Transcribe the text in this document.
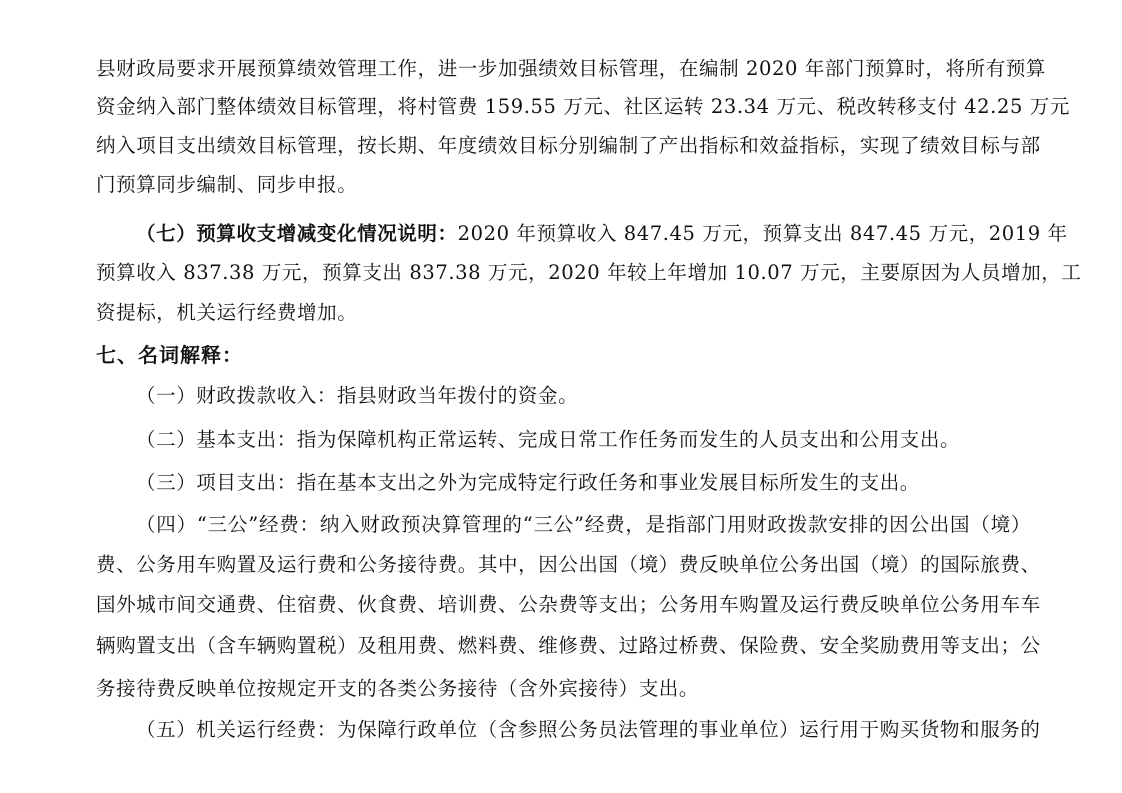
县财政局要求开展预算绩效管理工作，进一步加强绩效目标管理，在编制 2020 年部门预算时，将所有预算
资金纳入部门整体绩效目标管理，将村管费 159.55 万元、社区运转 23.34 万元、税改转移支付 42.25 万元
纳入项目支出绩效目标管理，按长期、年度绩效目标分别编制了产出指标和效益指标，实现了绩效目标与部
门预算同步编制、同步申报。
（七）预算收支增减变化情况说明：2020 年预算收入 847.45 万元，预算支出 847.45 万元，2019 年
预算收入 837.38 万元，预算支出 837.38 万元，2020 年较上年增加 10.07 万元，主要原因为人员增加，工
资提标，机关运行经费增加。
七、名词解释：
（一）财政拨款收入：指县财政当年拨付的资金。
（二）基本支出：指为保障机构正常运转、完成日常工作任务而发生的人员支出和公用支出。
（三）项目支出：指在基本支出之外为完成特定行政任务和事业发展目标所发生的支出。
（四）“三公”经费：纳入财政预决算管理的“三公”经费，是指部门用财政拨款安排的因公出国（境）
费、公务用车购置及运行费和公务接待费。其中，因公出国（境）费反映单位公务出国（境）的国际旅费、
国外城市间交通费、住宿费、伙食费、培训费、公杂费等支出；公务用车购置及运行费反映单位公务用车车
辆购置支出（含车辆购置税）及租用费、燃料费、维修费、过路过桥费、保险费、安全奖励费用等支出；公
务接待费反映单位按规定开支的各类公务接待（含外宾接待）支出。
（五）机关运行经费：为保障行政单位（含参照公务员法管理的事业单位）运行用于购买货物和服务的
